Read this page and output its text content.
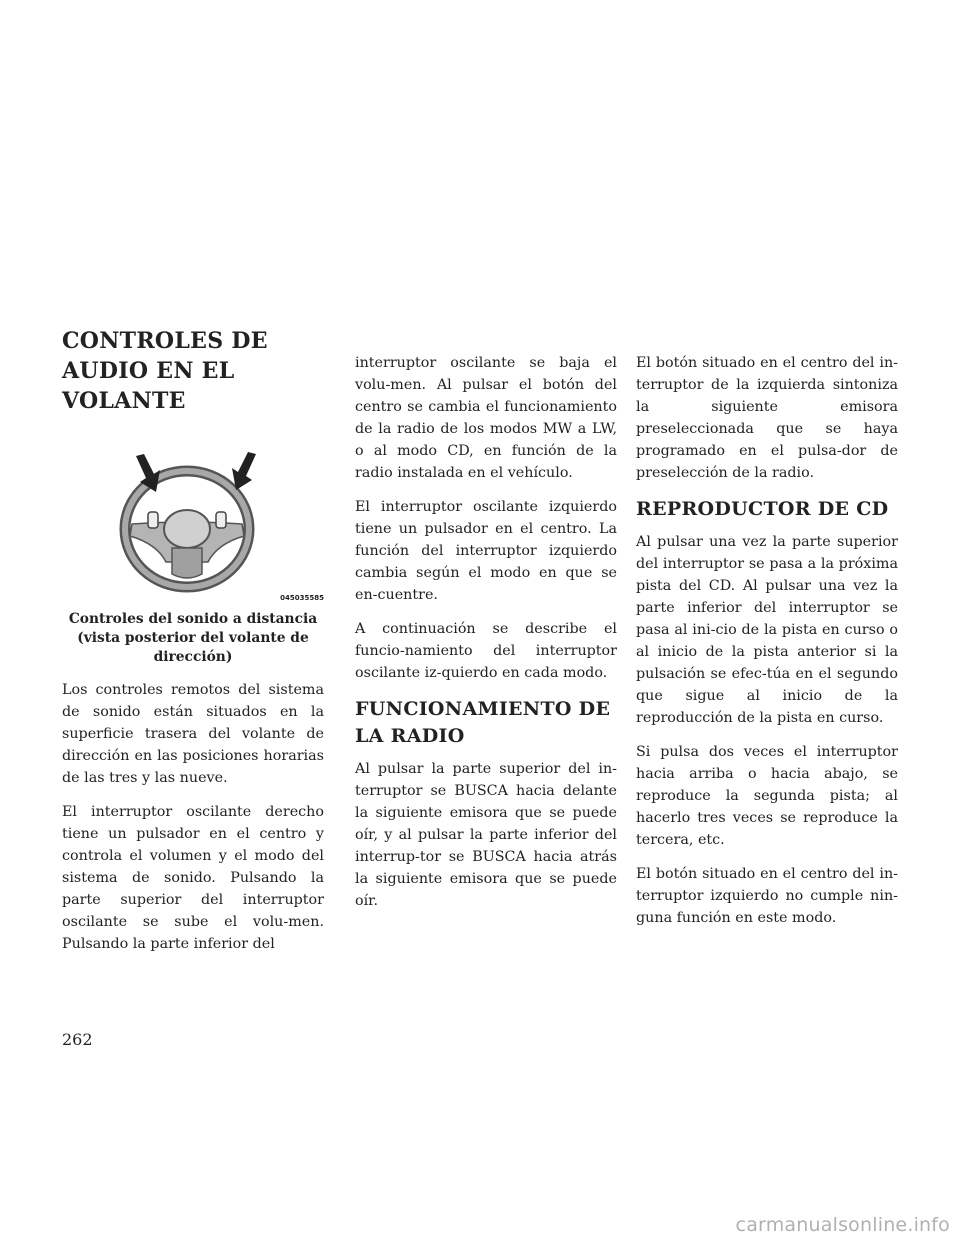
CONTROLES DE AUDIO EN EL VOLANTE
045035585
Controles del sonido a distancia (vista posterior del volante de dirección)

Los controles remotos del sistema de sonido están situados en la superficie trasera del volante de dirección en las posiciones horarias de las tres y las nueve.

El interruptor oscilante derecho tiene un pulsador en el centro y controla el volumen y el modo del sistema de sonido. Pulsando la parte superior del interruptor oscilante se sube el volu-men. Pulsando la parte inferior del

interruptor oscilante se baja el volu-men. Al pulsar el botón del centro se cambia el funcionamiento de la radio de los modos MW a LW, o al modo CD, en función de la radio instalada en el vehículo.

El interruptor oscilante izquierdo tiene un pulsador en el centro. La función del interruptor izquierdo cambia según el modo en que se en-cuentre.

A continuación se describe el funcio-namiento del interruptor oscilante iz-quierdo en cada modo.

FUNCIONAMIENTO DE LA RADIO

Al pulsar la parte superior del in-terruptor se BUSCA hacia delante la siguiente emisora que se puede oír, y al pulsar la parte inferior del interrup-tor se BUSCA hacia atrás la siguiente emisora que se puede oír.

El botón situado en el centro del in-terruptor de la izquierda sintoniza la siguiente emisora preseleccionada que se haya programado en el pulsa-dor de preselección de la radio.

REPRODUCTOR DE CD

Al pulsar una vez la parte superior del interruptor se pasa a la próxima pista del CD. Al pulsar una vez la parte inferior del interruptor se pasa al ini-cio de la pista en curso o al inicio de la pista anterior si la pulsación se efec-túa en el segundo que sigue al inicio de la reproducción de la pista en curso.

Si pulsa dos veces el interruptor hacia arriba o hacia abajo, se reproduce la segunda pista; al hacerlo tres veces se reproduce la tercera, etc.

El botón situado en el centro del in-terruptor izquierdo no cumple nin-guna función en este modo.

262
carmanualsonline.info
